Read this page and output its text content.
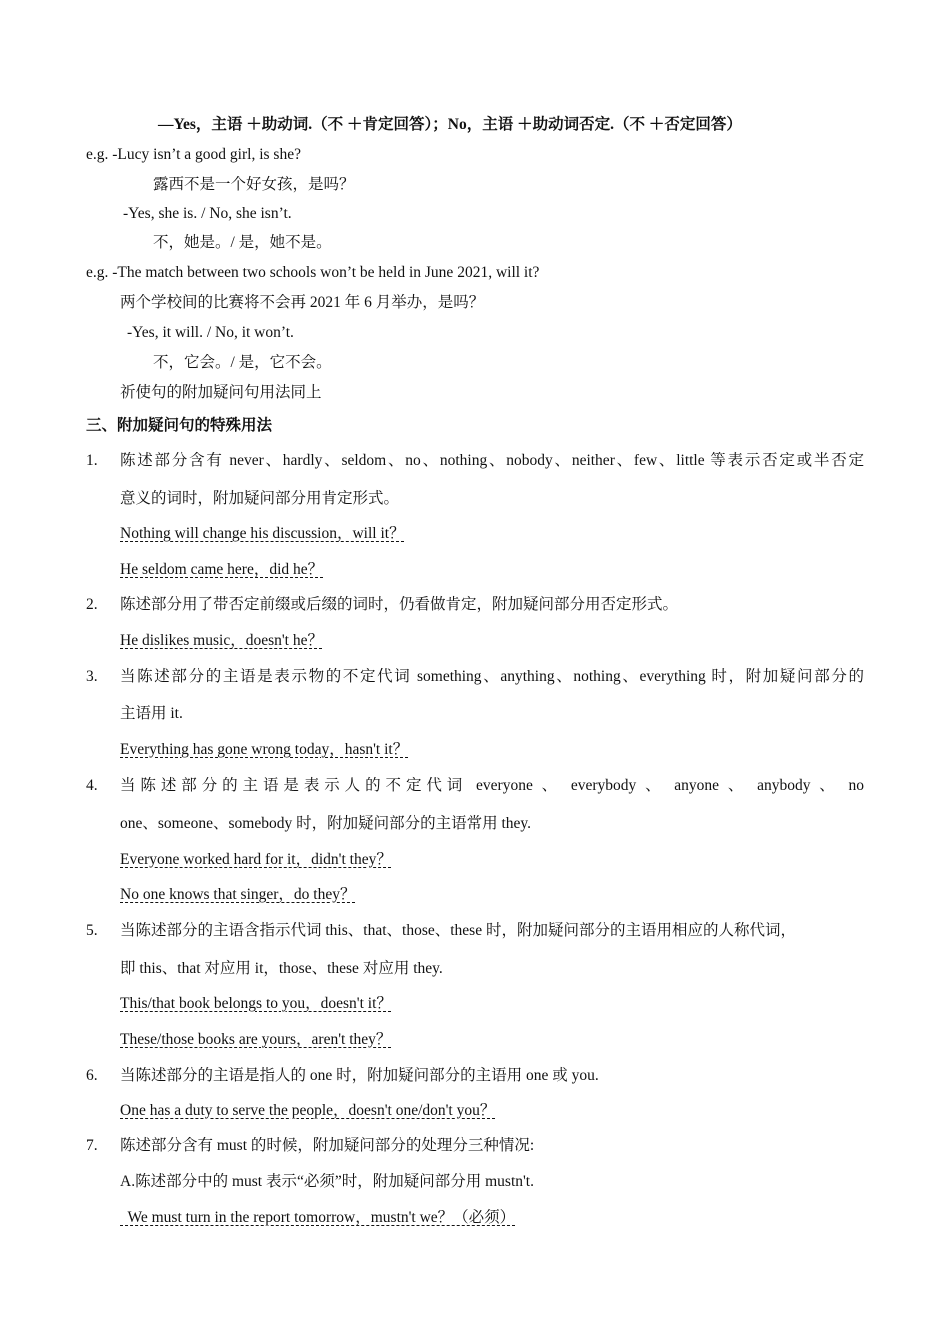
—Yes，主语 ＋助动词.（不 ＋肯定回答）；No，主语 ＋助动词否定.（不 ＋否定回答）
e.g. -Lucy isn’t a good girl, is she?
露西不是一个好女孩，是吗？
-Yes, she is. / No, she isn’t.
不，她是。/ 是，她不是。
e.g. -The match between two schools won’t be held in June 2021, will it?
两个学校间的比赛将不会再 2021 年 6 月举办，是吗？
-Yes, it will. / No, it won’t.
不，它会。/ 是，它不会。
祈使句的附加疑问句用法同上
三、附加疑问句的特殊用法
1. 陈述部分含有 never、hardly、seldom、no、nothing、nobody、neither、few、little 等表示否定或半否定
意义的词时，附加疑问部分用肯定形式。
Nothing will change his discussion，will it？
He seldom came here，did he？
2. 陈述部分用了带否定前缀或后缀的词时，仍看做肯定，附加疑问部分用否定形式。
He dislikes music，doesn't he？
3. 当陈述部分的主语是表示物的不定代词 something、anything、nothing、everything 时，附加疑问部分的
主语用 it.
Everything has gone wrong today，hasn't it？
4. 当陈述部分的主语是表示人的不定代词 everyone 、 everybody 、 anyone 、 anybody 、 no
one、someone、somebody 时，附加疑问部分的主语常用 they.
Everyone worked hard for it，didn't they？
No one knows that singer，do they？
5. 当陈述部分的主语含指示代词 this、that、those、these 时，附加疑问部分的主语用相应的人称代词，
即 this、that 对应用 it，those、these 对应用 they.
This/that book belongs to you，doesn't it？
These/those books are yours，aren't they？
6. 当陈述部分的主语是指人的 one 时，附加疑问部分的主语用 one 或 you.
One has a duty to serve the people，doesn't one/don't you？
7. 陈述部分含有 must 的时候，附加疑问部分的处理分三种情况:
A.陈述部分中的 must 表示“必须”时，附加疑问部分用 mustn't.
We must turn in the report tomorrow，mustn't we？（必须）
